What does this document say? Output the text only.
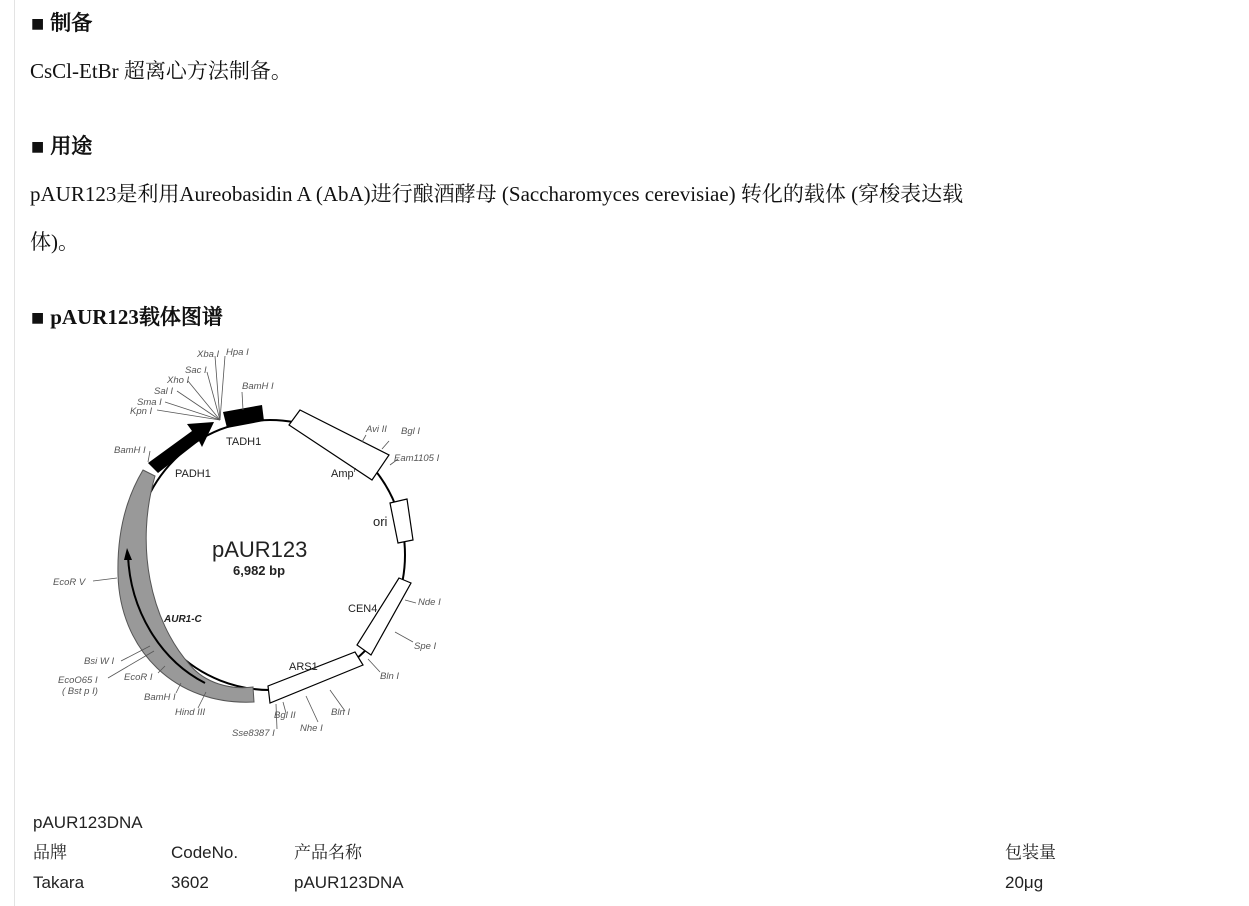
■ 制备
CsCl-EtBr 超离心方法制备。
■ 用途
pAUR123是利用Aureobasidin A (AbA)进行酿酒酵母 (Saccharomyces cerevisiae) 转化的载体 (穿梭表达载
体)。
■ pAUR123载体图谱
Xba I Hpa I
Sac I
Xho I
Sal I
Sma I
Kpn I
BamH I
BamH I
Avi II Bgl I
Eam1105 I
Nde I
Spe I
Bln I
Bln I
Nhe I
Bgl II
Sse8387 I
Hind III
BamH I
EcoR I
EcoO65 I
( Bst p I)
Bsi W I
EcoR V
TADH1
PADH1	Amp$^r$
ori
CEN4
ARS1
AUR1-C
pAUR123
6,982 bp
pAUR123DNA
品牌	CodeNo.	产品名称	包装量
Takara	3602	pAUR123DNA	20μg
